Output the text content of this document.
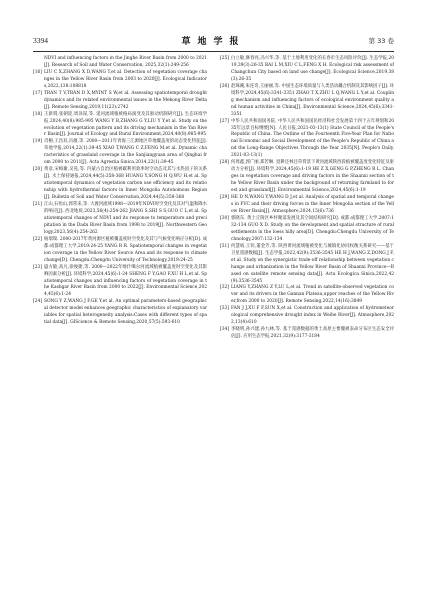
3394	草地学报	第 33 卷
NDVI and influencing factors in the Jinghe River Basin from 2000 to 2021[J]. Research of Soil and Water Conservation, 2025,32(1):249-256
[16] LIU C X,ZHANG X D,WANG T,et al. Detection of vegetation coverage changes in the Yellow River Basin from 2003 to 2020[J]. Ecological Indicators,2022,138:108818
[17] TRAN T V,TRAN D X,MYINT S W,et al. Assessing spatiotemporal drought dynamics and its related environmental issues in the Mekong River Delta[J]. Remote Sensing,2019,11(23):2742
[18] 王新谓,张朝迎,周泽谋,等. 延河流域植被格局演变及其驱动机制研究[J]. 生态环境学报,2024,40(8):985-995 WANG Y B,ZHANG G Y,LIU Y Y,et al. Study on the evolution of vegetation pattern and its driving mechanism in the Yan River Basin[J]. Journal of Ecology and Rural Environment,2024,40(8):985-995
[19] 肖桐,王昌双,冯敏,等. 2000—2011年青海三江源地区草地覆盖度的动态变化特征[J]. 草地学报,2014,22(1):39-45 XIAO T,WANG C Z,FENG M,et al. Dynamic characteristics of grassland coverage in the Sanjiangyuan area of Qinghai from 2000 to 2011[J]. Acta Agrestia Sinica,2014,22(1):39-45
[20] 黄彦,宋梅谢,吴晃,等. 内蒙古自治区植被碳利用效率时空动态及其与水热因子的关系[J]. 水土保持通报,2024,44(5):358-368 HUANG Y,SONG H Q,WU H,et al. Spatiotemporal dynamics of vegetation carbon use efficiency and its relationship with hydrothermal factors in Inner Mongolia Autonomous Region[J]. Bulletin of Soil and Water Conservation,2024,44(5):358-368
[21] 江山,石恒山,郭常来,等. 大渡河流域1998—2019年NDVI时空变化及其对气温和降水的响应[J]. 西北地质,2023,56(4):254-262 JIANG S,SHI S S,GUO C L,et al. Spatiotemporal changes of NDVI and its response to temperature and precipitation in the Dadu River Basin from 1998 to 2019[J]. Northwestern Geology,2023,56(4):254-262
[22] 杨瑞瑞. 2000-2017年黄河源区植被覆盖度时空变化及其与气候变化响应分析[D]. 成都:成都理工大学,2019:24-25 YANG R R. Spatiotemporal changes in vegetation coverage in the Yellow River Source Area and its response to climate change[D]. Chengdu:Chengdu University of Technology,2019:24-25
[23] 盛方敏,高凡,徐俊捷,等. 2000—2022年喀什噶尔河流域植被覆盖度时空变化及其影响因素分析[J]. 环境科学,2024,45(6):1-24 SHENG F Y,GAO F,XU H L,et al. Spatiotemporal changes and influencing factors of vegetation coverage in the Kashgar River Basin from 2000 to 2022[J]. Environmental Science,2024,45(6):1-24
[24] SONG Y Z,WANG J F,GE Y,et al. An optimal parameters-based geographical detector model enhances geographic characteristics of explanatory variables for spatial heterogeneity analysis:Cases with different types of spatial data[J]. GIScience & Remote Sensing,2020,57(5):593-610
[25] 白立敏,修春亮,冯兴华,等. 基于土地利用变化的长春市生态风险评价[J]. 生态学报,2019,39(3):26-35 BAI L M,XIU C L,FENG X H. Ecological risk assessment of Changchun City based on land use change[J]. Ecological Science,2019,38(3):26-35
[26] 赵珠溪,朱连奇,王丽丽,等. 中国生态环境质量与人类活动耦合机制及其影响因子[J]. 环境科学,2024,45(6):3341-3351 ZHAO T X,ZHU L Q,WANG L Y,et al. Coupling mechanism and influencing factors of ecological environment quality and human activities in China[J]. Environmental Science,2024,45(6):3341-3351
[27] 中华人民共和国国务院. 中华人民共和国国民经济和社会发展第十四个五年规划和2035年远景目标纲要[N]. 人民日报,2021-03-13(1) State Council of the People's Republic of China. The Outline of the Fourteenth Five-Year Plan for National Economic and Social Development of the People's Republic of China and the Long-Range Objectives Through the Year 2035[N]. People's Daily,2021-03-13(1)
[28] 何周鑫,郭广丽,郑若琳. 退耕还林还草背景下黄河流域陕西段植被覆盖度变化特征及驱动力分析[J]. 环境科学,2024,45(6):1-19 HE Z X,GENG G P,ZHENG R L. Changes in vegetation coverage and driving factors in the Shaanxi section of the Yellow River Basin under the background of returning farmland to forest and grassland[J]. Environmental Science,2024,45(6):1-19
[29] HE D N,WANG Y,WANG D J,et al. Analysis of spatial and temporal changes in FVC and their driving forces in the Inner Mongolia section of the Yellow River Basin[J]. Atmosphere,2024,15(6):736
[30] 郭晓东. 黄土丘陵区乡村聚落发展及其空间结构研究[D]. 成都:成都理工大学,2007:132-134 GUO X D. Study on the development and spatial structure of rural settlements in the loess hilly area[D]. Chengdu:Chengdu University of Technology,2007:132-134
[31] 何慧娟,王钊,董金芳,等. 陕西黄河流域植被变化与城镇化协同权衡关系研究——基于卫星遥感数据[J]. 生态学报,2022,42(9):3536-3545 HE H J,WANG Z,DONG J F,et al. Study on the synergistic trade-off relationship between vegetation change and urbanization in the Yellow River Basin of Shaanxi Province—Based on satellite remote sensing data[J]. Acta Ecologica Sinica,2022,42(9):3536-3545
[32] LIANG Y,ZHANG Z Y,LU L,et al. Trend in satellite-observed vegetation cover and its drivers in the Gannan Plateau,upper reaches of the Yellow River,from 2000 to 2020[J]. Remote Sensing,2022,14(16):3849
[33] FAN J J,XU F F,SUN X,et al. Construction and application of hydrometeorological comprehensive drought index in Weihe River[J]. Atmosphere,2022,13(4):610
[34] 李晓明,孙兴建,孙九林,等. 基于遥感数据的黄土高原主要覆被表命分布区生态安全评估[J]. 应用生态学报,2021,32(9):3177-3184
